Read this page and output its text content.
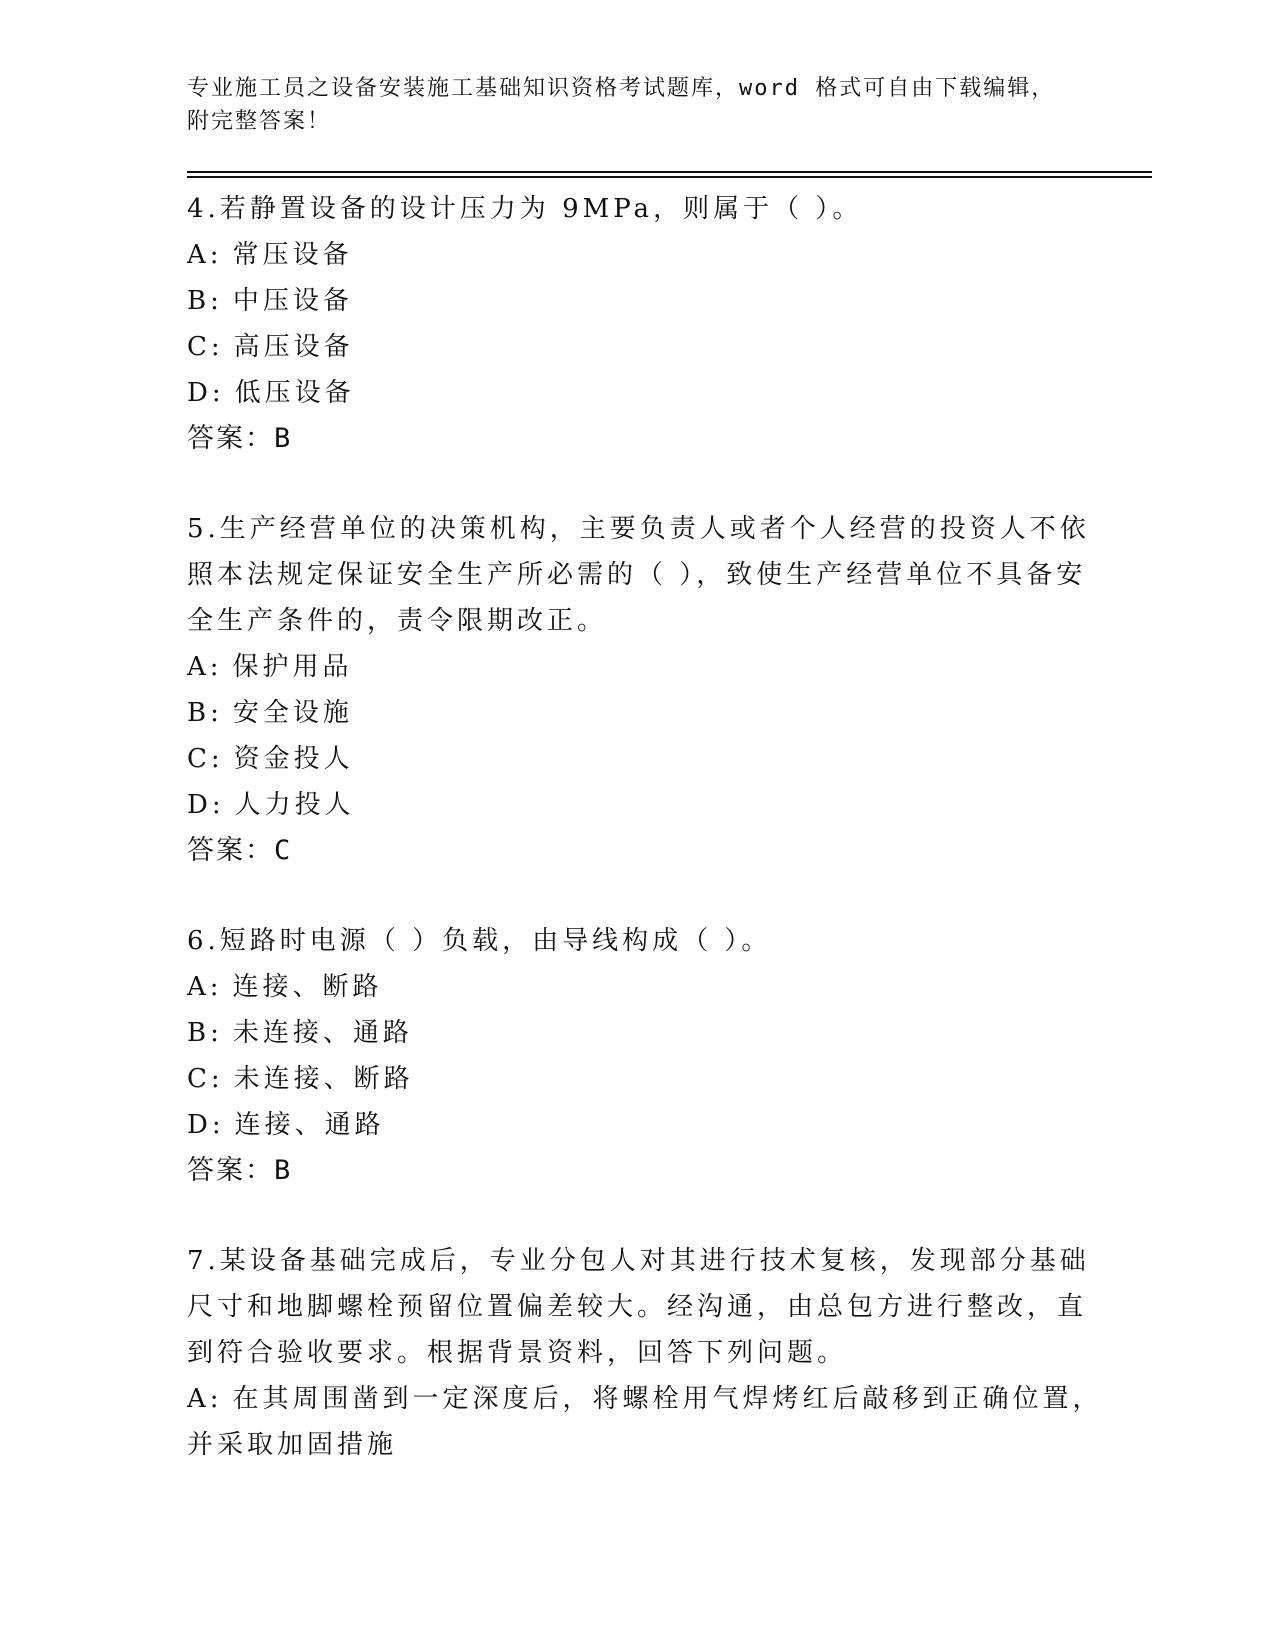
专业施工员之设备安装施工基础知识资格考试题库，word 格式可自由下载编辑，
附完整答案！
4.若静置设备的设计压力为 9MPa，则属于（ ）。
A: 常压设备
B: 中压设备
C: 高压设备
D: 低压设备
答案：B
5.生产经营单位的决策机构，主要负责人或者个人经营的投资人不依
照本法规定保证安全生产所必需的（ ），致使生产经营单位不具备安
全生产条件的，责令限期改正。
A: 保护用品
B: 安全设施
C: 资金投人
D: 人力投人
答案：C
6.短路时电源（ ）负载，由导线构成（ ）。
A: 连接、断路
B: 未连接、通路
C: 未连接、断路
D: 连接、通路
答案：B
7.某设备基础完成后，专业分包人对其进行技术复核，发现部分基础
尺寸和地脚螺栓预留位置偏差较大。经沟通，由总包方进行整改，直
到符合验收要求。根据背景资料，回答下列问题。
A: 在其周围凿到一定深度后，将螺栓用气焊烤红后敲移到正确位置，
并采取加固措施
